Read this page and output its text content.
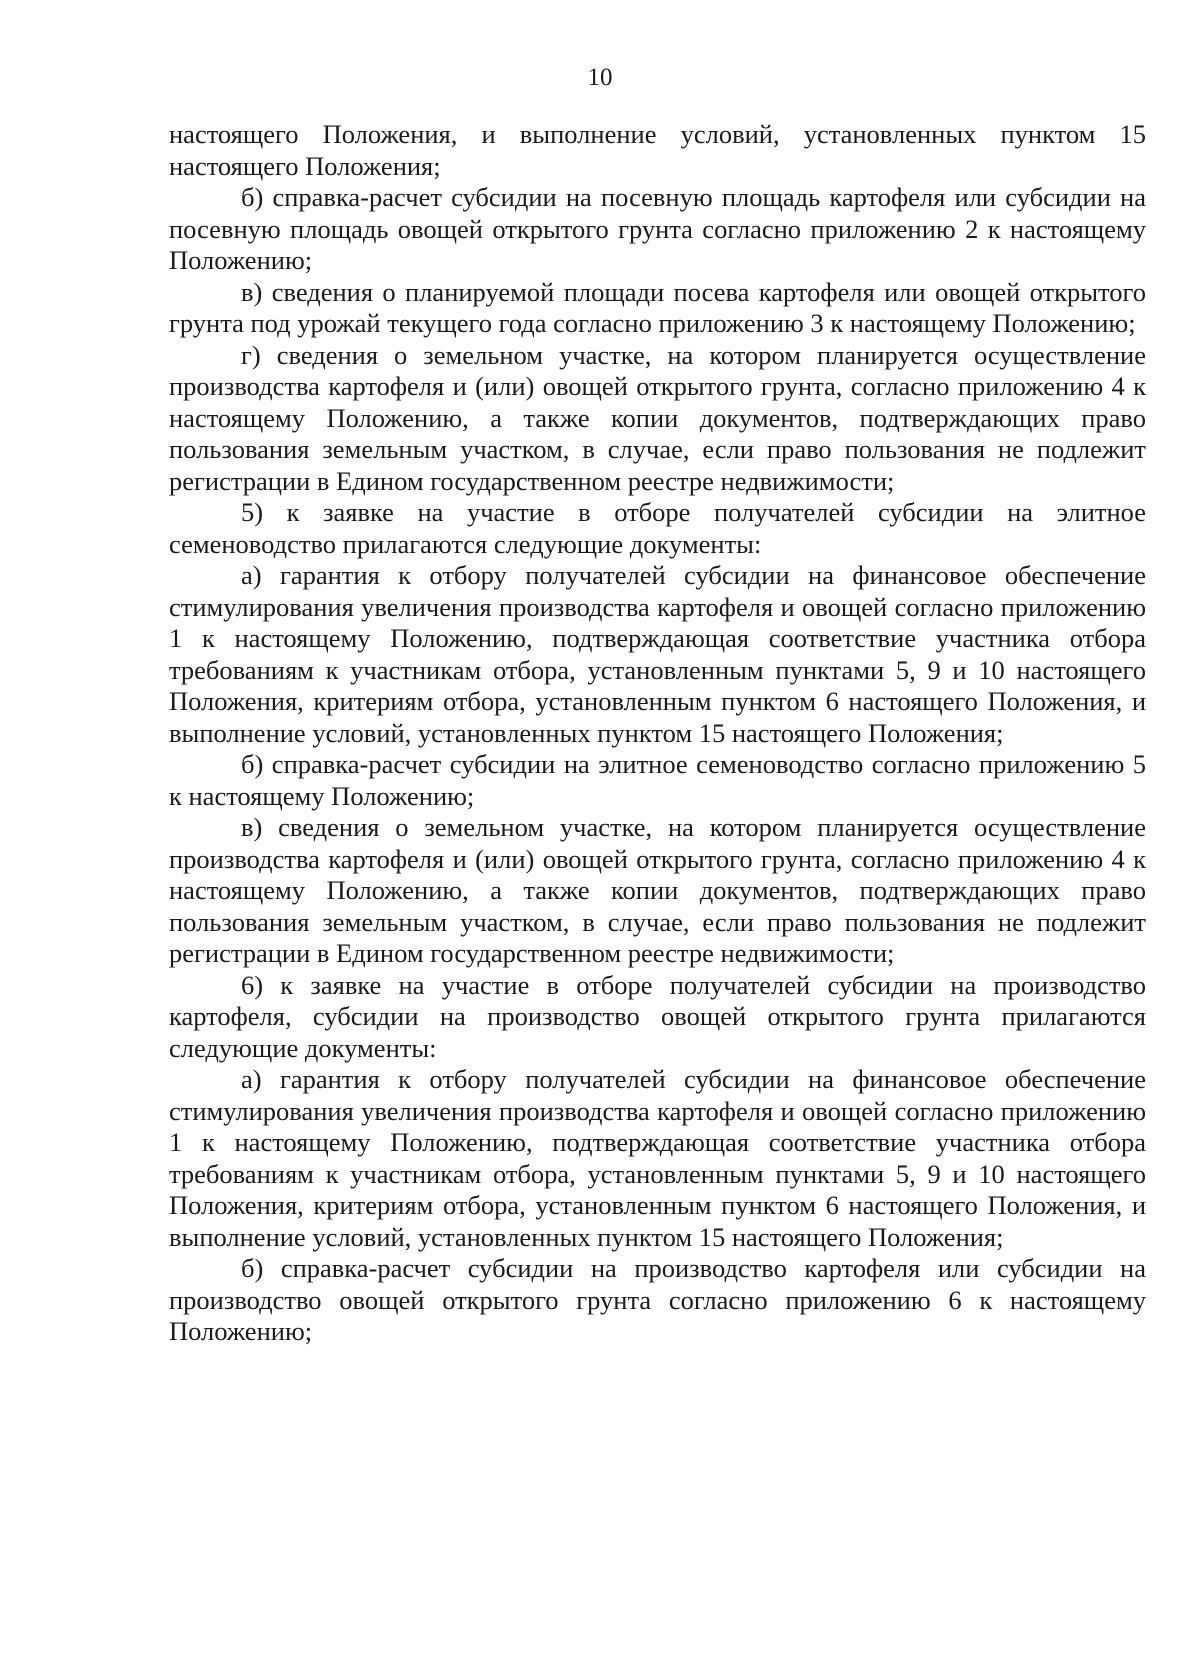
10

настоящего Положения, и выполнение условий, установленных пунктом 15 настоящего Положения;

б) справка-расчет субсидии на посевную площадь картофеля или субсидии на посевную площадь овощей открытого грунта согласно приложению 2 к настоящему Положению;

в) сведения о планируемой площади посева картофеля или овощей открытого грунта под урожай текущего года согласно приложению 3 к настоящему Положению;

г) сведения о земельном участке, на котором планируется осуществление производства картофеля и (или) овощей открытого грунта, согласно приложению 4 к настоящему Положению, а также копии документов, подтверждающих право пользования земельным участком, в случае, если право пользования не подлежит регистрации в Едином государственном реестре недвижимости;

5) к заявке на участие в отборе получателей субсидии на элитное семеноводство прилагаются следующие документы:

а) гарантия к отбору получателей субсидии на финансовое обеспечение стимулирования увеличения производства картофеля и овощей согласно приложению 1 к настоящему Положению, подтверждающая соответствие участника отбора требованиям к участникам отбора, установленным пунктами 5, 9 и 10 настоящего Положения, критериям отбора, установленным пунктом 6 настоящего Положения, и выполнение условий, установленных пунктом 15 настоящего Положения;

б) справка-расчет субсидии на элитное семеноводство согласно приложению 5 к настоящему Положению;

в) сведения о земельном участке, на котором планируется осуществление производства картофеля и (или) овощей открытого грунта, согласно приложению 4 к настоящему Положению, а также копии документов, подтверждающих право пользования земельным участком, в случае, если право пользования не подлежит регистрации в Едином государственном реестре недвижимости;

6) к заявке на участие в отборе получателей субсидии на производство картофеля, субсидии на производство овощей открытого грунта прилагаются следующие документы:

а) гарантия к отбору получателей субсидии на финансовое обеспечение стимулирования увеличения производства картофеля и овощей согласно приложению 1 к настоящему Положению, подтверждающая соответствие участника отбора требованиям к участникам отбора, установленным пунктами 5, 9 и 10 настоящего Положения, критериям отбора, установленным пунктом 6 настоящего Положения, и выполнение условий, установленных пунктом 15 настоящего Положения;

б) справка-расчет субсидии на производство картофеля или субсидии на производство овощей открытого грунта согласно приложению 6 к настоящему Положению;
